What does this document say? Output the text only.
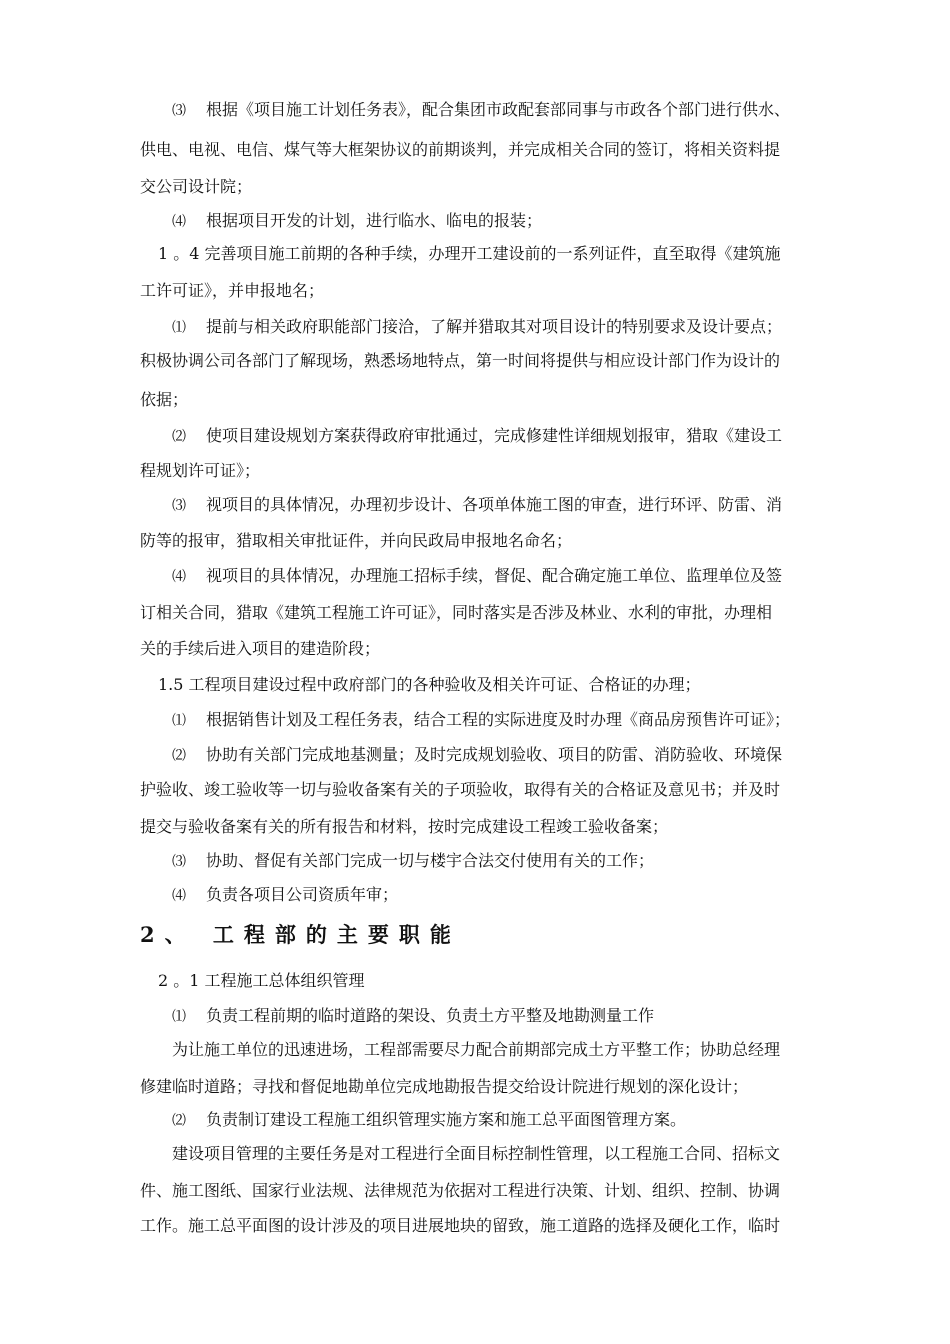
⑶ 根据《项目施工计划任务表》，配合集团市政配套部同事与市政各个部门进行供水、
供电、电视、电信、煤气等大框架协议的前期谈判，并完成相关合同的签订，将相关资料提
交公司设计院；
⑷ 根据项目开发的计划，进行临水、临电的报装；
1 。4 完善项目施工前期的各种手续，办理开工建设前的一系列证件，直至取得《建筑施
工许可证》，并申报地名；
⑴ 提前与相关政府职能部门接洽，了解并猎取其对项目设计的特别要求及设计要点；
积极协调公司各部门了解现场，熟悉场地特点，第一时间将提供与相应设计部门作为设计的
依据；
⑵ 使项目建设规划方案获得政府审批通过，完成修建性详细规划报审，猎取《建设工
程规划许可证》；
⑶ 视项目的具体情况，办理初步设计、各项单体施工图的审查，进行环评、防雷、消
防等的报审，猎取相关审批证件，并向民政局申报地名命名；
⑷ 视项目的具体情况，办理施工招标手续，督促、配合确定施工单位、监理单位及签
订相关合同，猎取《建筑工程施工许可证》，同时落实是否涉及林业、水利的审批，办理相
关的手续后进入项目的建造阶段；
1.5 工程项目建设过程中政府部门的各种验收及相关许可证、合格证的办理；
⑴ 根据销售计划及工程任务表，结合工程的实际进度及时办理《商品房预售许可证》；
⑵ 协助有关部门完成地基测量；及时完成规划验收、项目的防雷、消防验收、环境保
护验收、竣工验收等一切与验收备案有关的子项验收，取得有关的合格证及意见书；并及时
提交与验收备案有关的所有报告和材料，按时完成建设工程竣工验收备案；
⑶ 协助、督促有关部门完成一切与楼宇合法交付使用有关的工作；
⑷ 负责各项目公司资质年审；
2、 工程部的主要职能
2 。1 工程施工总体组织管理
⑴ 负责工程前期的临时道路的架设、负责土方平整及地勘测量工作
为让施工单位的迅速进场，工程部需要尽力配合前期部完成土方平整工作；协助总经理
修建临时道路；寻找和督促地勘单位完成地勘报告提交给设计院进行规划的深化设计；
⑵ 负责制订建设工程施工组织管理实施方案和施工总平面图管理方案。
建设项目管理的主要任务是对工程进行全面目标控制性管理，以工程施工合同、招标文
件、施工图纸、国家行业法规、法律规范为依据对工程进行决策、计划、组织、控制、协调
工作。施工总平面图的设计涉及的项目进展地块的留致，施工道路的选择及硬化工作，临时
